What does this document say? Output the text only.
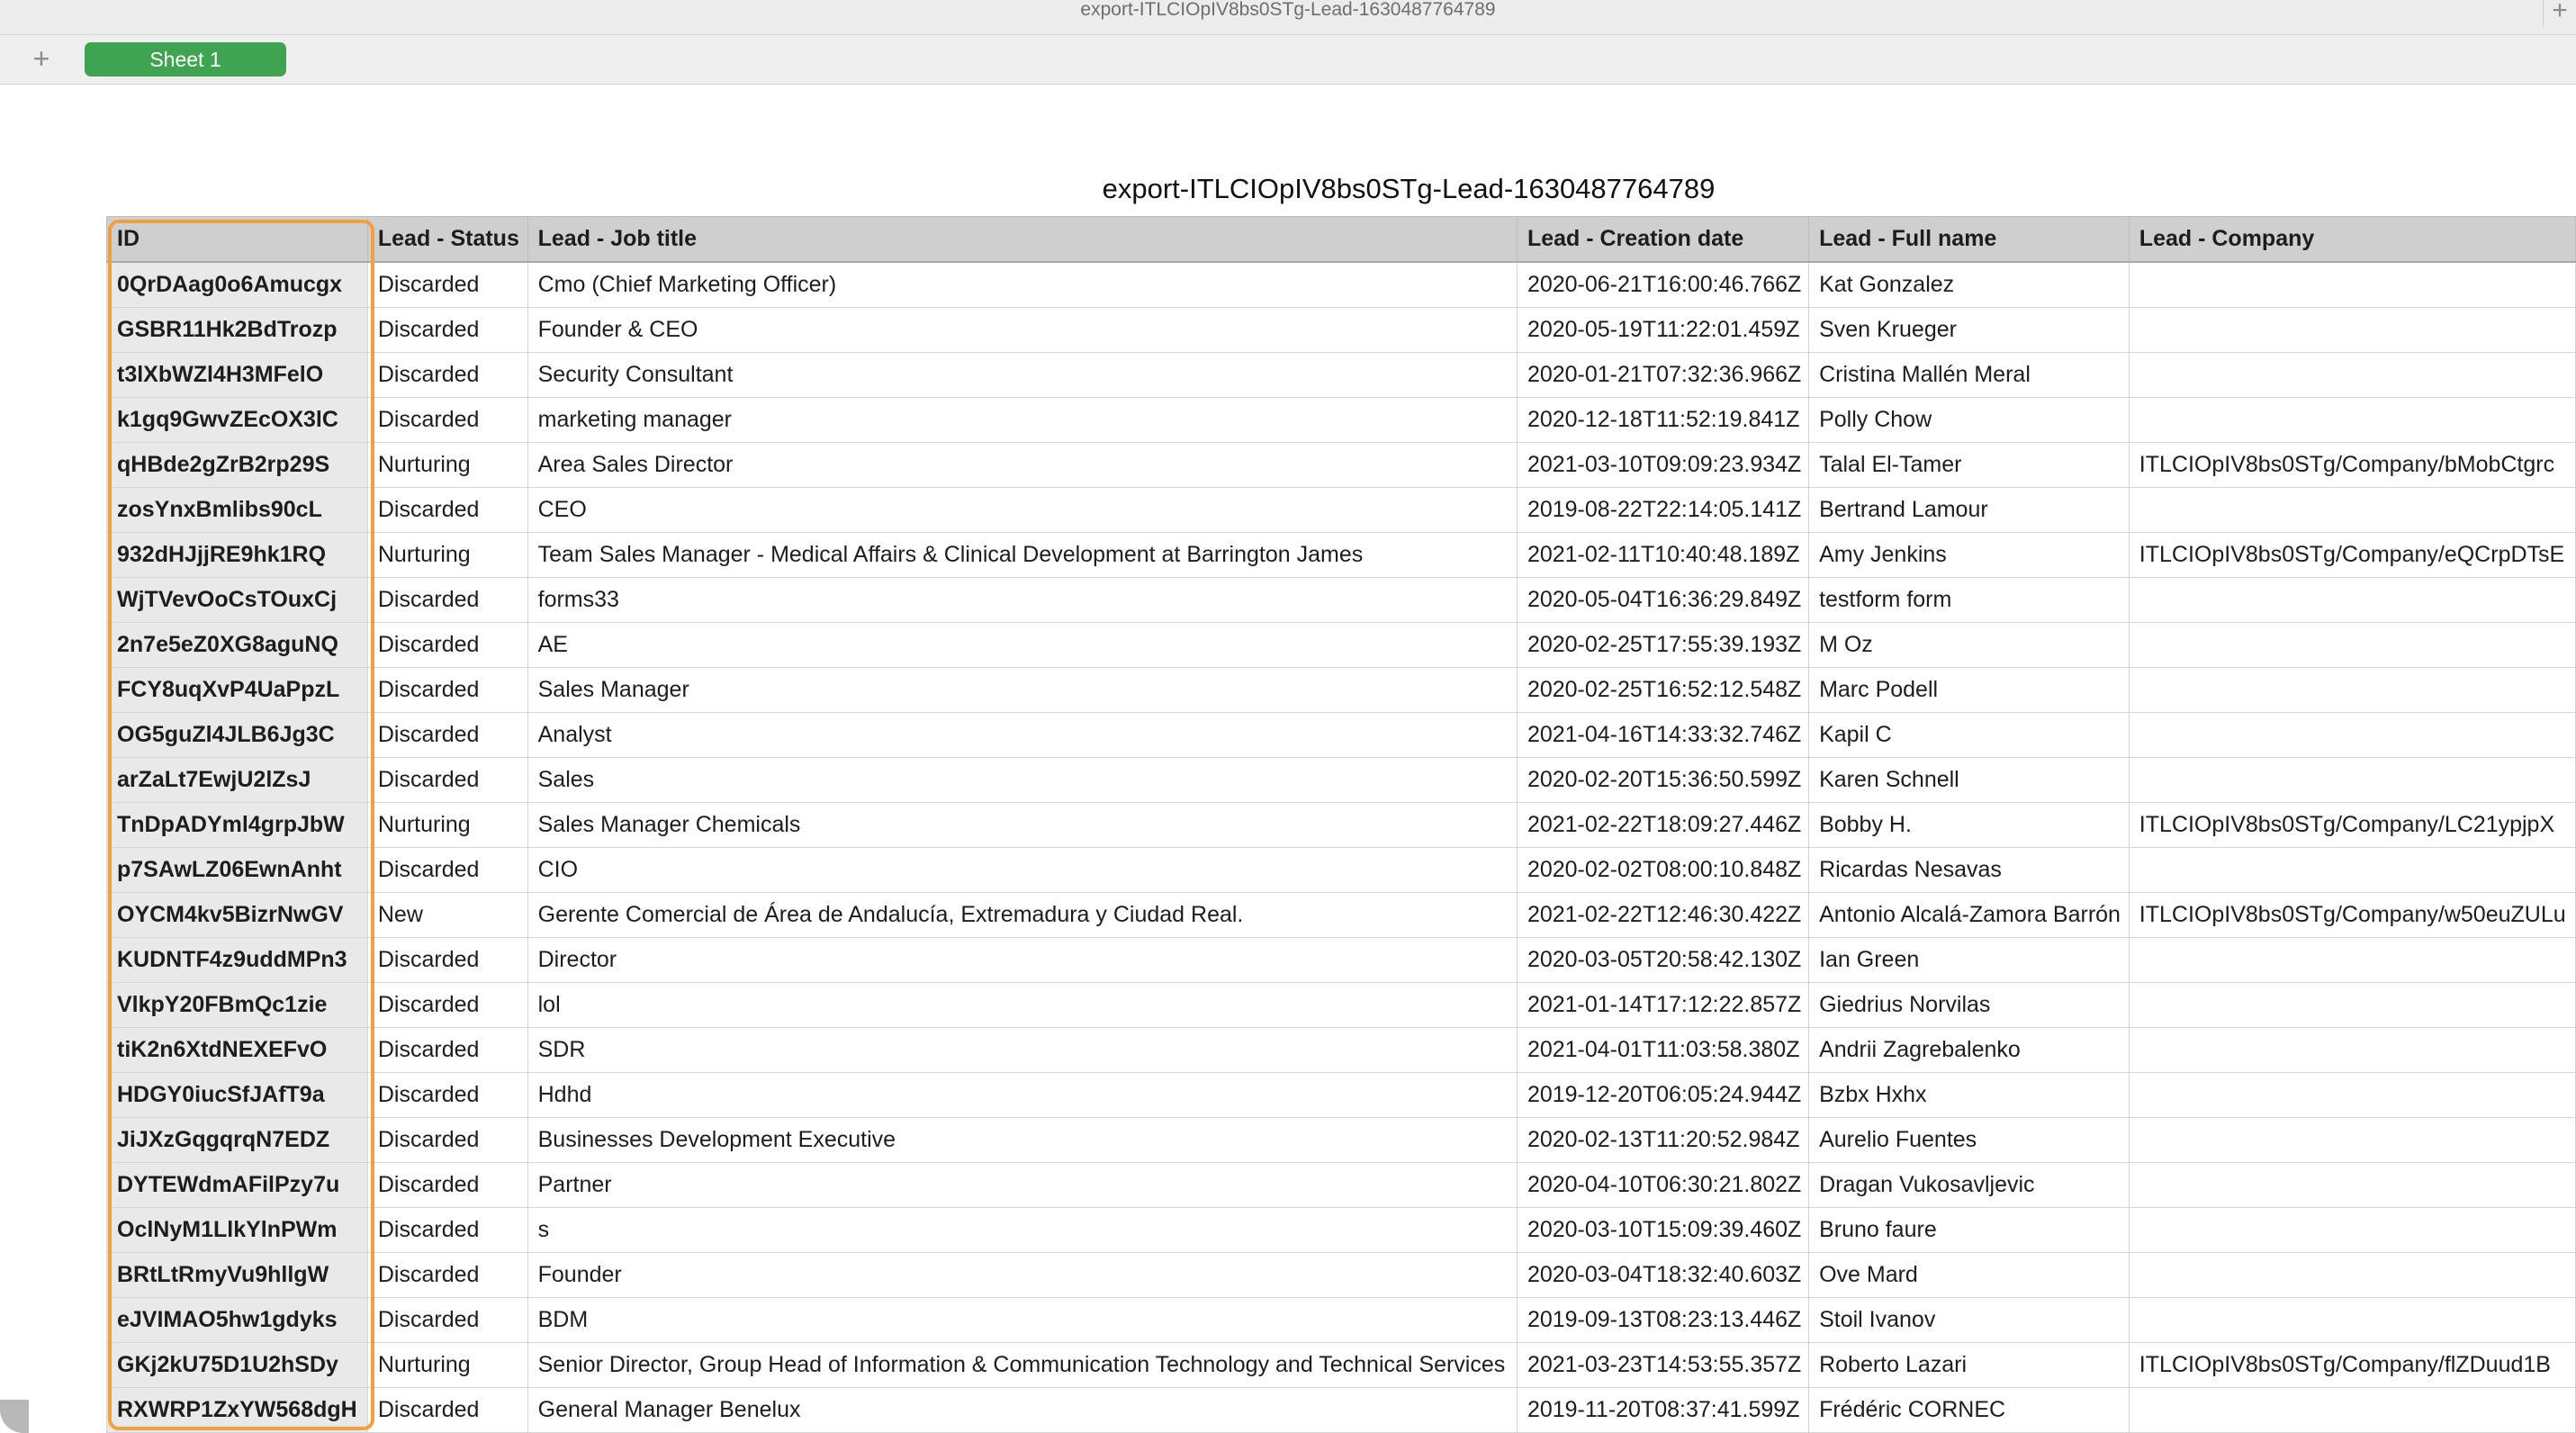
export-ITLCIOpIV8bs0STg-Lead-1630487764789	+
+	Sheet 1
export-ITLCIOpIV8bs0STg-Lead-1630487764789
ID	Lead - Status	Lead - Job title	Lead - Creation date	Lead - Full name	Lead - Company
0QrDAag0o6Amucgx	Discarded	Cmo (Chief Marketing Officer)	2020-06-21T16:00:46.766Z	Kat Gonzalez	
GSBR11Hk2BdTrozp	Discarded	Founder & CEO	2020-05-19T11:22:01.459Z	Sven Krueger	
t3lXbWZl4H3MFelO	Discarded	Security Consultant	2020-01-21T07:32:36.966Z	Cristina Mallén Meral	
k1gq9GwvZEcOX3lC	Discarded	marketing manager	2020-12-18T11:52:19.841Z	Polly Chow	
qHBde2gZrB2rp29S	Nurturing	Area Sales Director	2021-03-10T09:09:23.934Z	Talal El-Tamer	ITLCIOpIV8bs0STg/Company/bMobCtgrc
zosYnxBmlibs90cL	Discarded	CEO	2019-08-22T22:14:05.141Z	Bertrand Lamour	
932dHJjjRE9hk1RQ	Nurturing	Team Sales Manager - Medical Affairs & Clinical Development at Barrington James	2021-02-11T10:40:48.189Z	Amy Jenkins	ITLCIOpIV8bs0STg/Company/eQCrpDTsE
WjTVevOoCsTOuxCj	Discarded	forms33	2020-05-04T16:36:29.849Z	testform form	
2n7e5eZ0XG8aguNQ	Discarded	AE	2020-02-25T17:55:39.193Z	M Oz	
FCY8uqXvP4UaPpzL	Discarded	Sales Manager	2020-02-25T16:52:12.548Z	Marc Podell	
OG5guZl4JLB6Jg3C	Discarded	Analyst	2021-04-16T14:33:32.746Z	Kapil C	
arZaLt7EwjU2lZsJ	Discarded	Sales	2020-02-20T15:36:50.599Z	Karen Schnell	
TnDpADYml4grpJbW	Nurturing	Sales Manager Chemicals	2021-02-22T18:09:27.446Z	Bobby H.	ITLCIOpIV8bs0STg/Company/LC21ypjpX
p7SAwLZ06EwnAnht	Discarded	CIO	2020-02-02T08:00:10.848Z	Ricardas Nesavas	
OYCM4kv5BizrNwGV	New	Gerente Comercial de Área de Andalucía, Extremadura y Ciudad Real.	2021-02-22T12:46:30.422Z	Antonio Alcalá-Zamora Barrón	ITLCIOpIV8bs0STg/Company/w50euZULu
KUDNTF4z9uddMPn3	Discarded	Director	2020-03-05T20:58:42.130Z	Ian Green	
VlkpY20FBmQc1zie	Discarded	lol	2021-01-14T17:12:22.857Z	Giedrius Norvilas	
tiK2n6XtdNEXEFvO	Discarded	SDR	2021-04-01T11:03:58.380Z	Andrii Zagrebalenko	
HDGY0iucSfJAfT9a	Discarded	Hdhd	2019-12-20T06:05:24.944Z	Bzbx Hxhx	
JiJXzGqgqrqN7EDZ	Discarded	Businesses Development Executive	2020-02-13T11:20:52.984Z	Aurelio Fuentes	
DYTEWdmAFilPzy7u	Discarded	Partner	2020-04-10T06:30:21.802Z	Dragan Vukosavljevic	
OclNyM1LlkYlnPWm	Discarded	s	2020-03-10T15:09:39.460Z	Bruno faure	
BRtLtRmyVu9hllgW	Discarded	Founder	2020-03-04T18:32:40.603Z	Ove Mard	
eJVIMAO5hw1gdyks	Discarded	BDM	2019-09-13T08:23:13.446Z	Stoil Ivanov	
GKj2kU75D1U2hSDy	Nurturing	Senior Director, Group Head of Information & Communication Technology and Technical Services	2021-03-23T14:53:55.357Z	Roberto Lazari	ITLCIOpIV8bs0STg/Company/flZDuud1B
RXWRP1ZxYW568dgH	Discarded	General Manager Benelux	2019-11-20T08:37:41.599Z	Frédéric CORNEC	
